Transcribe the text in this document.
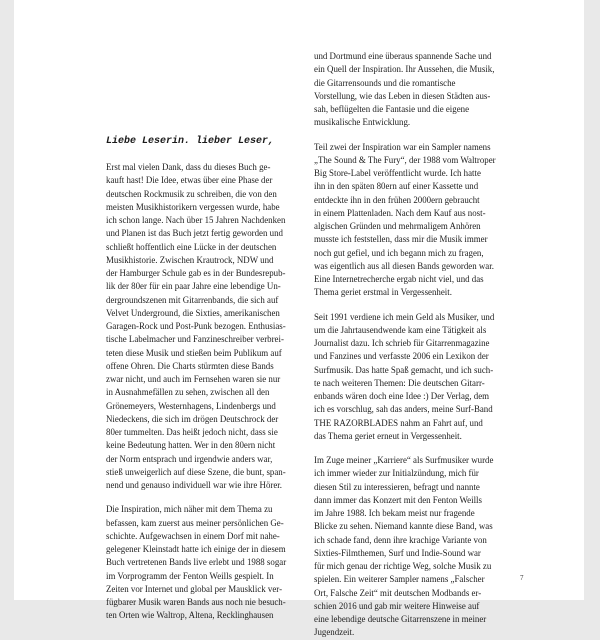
Liebe Leserin. lieber Leser,
Erst mal vielen Dank, dass du dieses Buch ge-
kauft hast! Die Idee, etwas über eine Phase der
deutschen Rockmusik zu schreiben, die von den
meisten Musikhistorikern vergessen wurde, habe
ich schon lange. Nach über 15 Jahren Nachdenken
und Planen ist das Buch jetzt fertig geworden und
schließt hoffentlich eine Lücke in der deutschen
Musikhistorie. Zwischen Krautrock, NDW und
der Hamburger Schule gab es in der Bundesrepub-
lik der 80er für ein paar Jahre eine lebendige Un-
dergroundszenen mit Gitarrenbands, die sich auf
Velvet Underground, die Sixties, amerikanischen
Garagen-Rock und Post-Punk bezogen. Enthusias-
tische Labelmacher und Fanzineschreiber verbrei-
teten diese Musik und stießen beim Publikum auf
offene Ohren. Die Charts stürmten diese Bands
zwar nicht, und auch im Fernsehen waren sie nur
in Ausnahmefällen zu sehen, zwischen all den
Grönemeyers, Westernhagens, Lindenbergs und
Niedeckens, die sich im drögen Deutschrock der
80er tummelten. Das heißt jedoch nicht, dass sie
keine Bedeutung hatten. Wer in den 80ern nicht
der Norm entsprach und irgendwie anders war,
stieß unweigerlich auf diese Szene, die bunt, span-
nend und genauso individuell war wie ihre Hörer.
Die Inspiration, mich näher mit dem Thema zu
befassen, kam zuerst aus meiner persönlichen Ge-
schichte. Aufgewachsen in einem Dorf mit nahe-
gelegener Kleinstadt hatte ich einige der in diesem
Buch vertretenen Bands live erlebt und 1988 sogar
im Vorprogramm der Fenton Weills gespielt. In
Zeiten vor Internet und global per Mausklick ver-
fügbarer Musik waren Bands aus noch nie besuch-
ten Orten wie Waltrop, Altena, Recklinghausen
und Dortmund eine überaus spannende Sache und
ein Quell der Inspiration. Ihr Aussehen, die Musik,
die Gitarrensounds und die romantische
Vorstellung, wie das Leben in diesen Städten aus-
sah, beflügelten die Fantasie und die eigene
musikalische Entwicklung.
Teil zwei der Inspiration war ein Sampler namens
„The Sound & The Fury“, der 1988 vom Waltroper
Big Store-Label veröffentlicht wurde. Ich hatte
ihn in den späten 80ern auf einer Kassette und
entdeckte ihn in den frühen 2000ern gebraucht
in einem Plattenladen. Nach dem Kauf aus nost-
algischen Gründen und mehrmaligem Anhören
musste ich feststellen, dass mir die Musik immer
noch gut gefiel, und ich begann mich zu fragen,
was eigentlich aus all diesen Bands geworden war.
Eine Internetrecherche ergab nicht viel, und das
Thema geriet erstmal in Vergessenheit.
Seit 1991 verdiene ich mein Geld als Musiker, und
um die Jahrtausendwende kam eine Tätigkeit als
Journalist dazu. Ich schrieb für Gitarrenmagazine
und Fanzines und verfasste 2006 ein Lexikon der
Surfmusik. Das hatte Spaß gemacht, und ich such-
te nach weiteren Themen: Die deutschen Gitarr-
enbands wären doch eine Idee :) Der Verlag, dem
ich es vorschlug, sah das anders, meine Surf-Band
THE RAZORBLADES nahm an Fahrt auf, und
das Thema geriet erneut in Vergessenheit.
Im Zuge meiner „Karriere“ als Surfmusiker wurde
ich immer wieder zur Initialzündung, mich für
diesen Stil zu interessieren, befragt und nannte
dann immer das Konzert mit den Fenton Weills
im Jahre 1988. Ich bekam meist nur fragende
Blicke zu sehen. Niemand kannte diese Band, was
ich schade fand, denn ihre krachige Variante von
Sixties-Filmthemen, Surf und Indie-Sound war
für mich genau der richtige Weg, solche Musik zu
spielen. Ein weiterer Sampler namens „Falscher
Ort, Falsche Zeit“ mit deutschen Modbands er-
schien 2016 und gab mir weitere Hinweise auf
eine lebendige deutsche Gitarrenszene in meiner
Jugendzeit.
7
